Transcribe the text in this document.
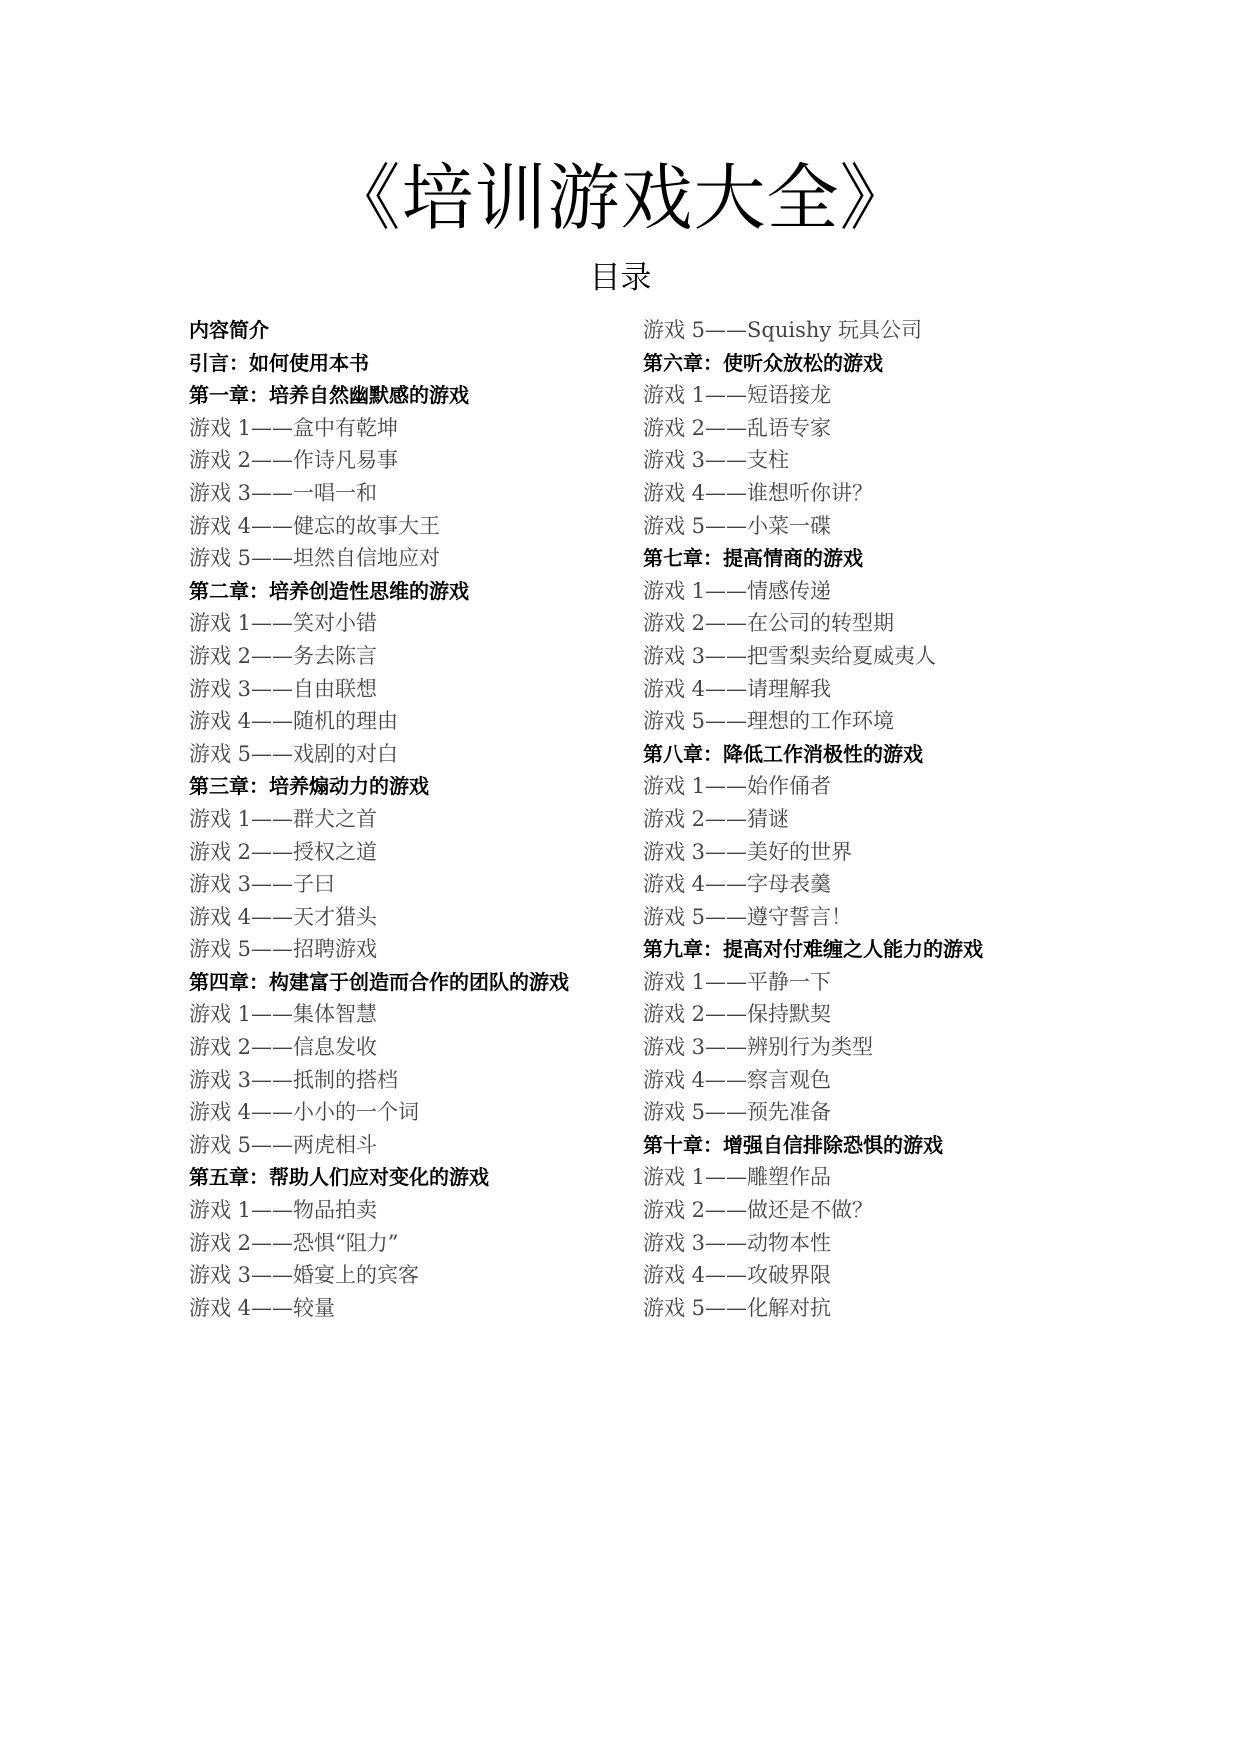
《培训游戏大全》
目录
内容简介
引言：如何使用本书
第一章：培养自然幽默感的游戏
游戏 1——盒中有乾坤
游戏 2——作诗凡易事
游戏 3——一唱一和
游戏 4——健忘的故事大王
游戏 5——坦然自信地应对
第二章：培养创造性思维的游戏
游戏 1——笑对小错
游戏 2——务去陈言
游戏 3——自由联想
游戏 4——随机的理由
游戏 5——戏剧的对白
第三章：培养煽动力的游戏
游戏 1——群犬之首
游戏 2——授权之道
游戏 3——子曰
游戏 4——天才猎头
游戏 5——招聘游戏
第四章：构建富于创造而合作的团队的游戏
游戏 1——集体智慧
游戏 2——信息发收
游戏 3——抵制的搭档
游戏 4——小小的一个词
游戏 5——两虎相斗
第五章：帮助人们应对变化的游戏
游戏 1——物品拍卖
游戏 2——恐惧“阻力”
游戏 3——婚宴上的宾客
游戏 4——较量
游戏 5——Squishy 玩具公司
第六章：使听众放松的游戏
游戏 1——短语接龙
游戏 2——乱语专家
游戏 3——支柱
游戏 4——谁想听你讲？
游戏 5——小菜一碟
第七章：提高情商的游戏
游戏 1——情感传递
游戏 2——在公司的转型期
游戏 3——把雪梨卖给夏威夷人
游戏 4——请理解我
游戏 5——理想的工作环境
第八章：降低工作消极性的游戏
游戏 1——始作俑者
游戏 2——猜谜
游戏 3——美好的世界
游戏 4——字母表羹
游戏 5——遵守誓言！
第九章：提高对付难缠之人能力的游戏
游戏 1——平静一下
游戏 2——保持默契
游戏 3——辨别行为类型
游戏 4——察言观色
游戏 5——预先准备
第十章：增强自信排除恐惧的游戏
游戏 1——雕塑作品
游戏 2——做还是不做？
游戏 3——动物本性
游戏 4——攻破界限
游戏 5——化解对抗
